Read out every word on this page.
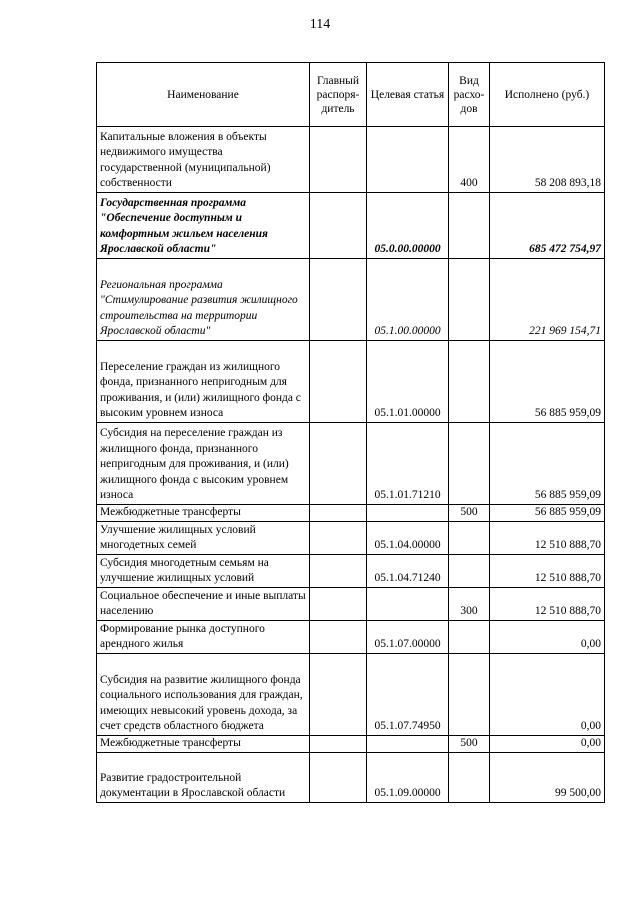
114
Наименование	Главный распоря- дитель	Целевая статья	Вид расхо- дов	Исполнено (руб.)
Капитальные вложения в объекты недвижимого имущества государственной (муниципальной) собственности			400	58 208 893,18
Государственная программа "Обеспечение доступным и комфортным жильем населения Ярославской области"		05.0.00.00000		685 472 754,97
Региональная программа "Стимулирование развития жилищного строительства на территории Ярославской области"		05.1.00.00000		221 969 154,71
Переселение граждан из жилищного фонда, признанного непригодным для проживания, и (или) жилищного фонда с высоким уровнем износа		05.1.01.00000		56 885 959,09
Субсидия на переселение граждан из жилищного фонда, признанного непригодным для проживания, и (или) жилищного фонда с высоким уровнем износа		05.1.01.71210		56 885 959,09
Межбюджетные трансферты			500	56 885 959,09
Улучшение жилищных условий многодетных семей		05.1.04.00000		12 510 888,70
Субсидия многодетным семьям на улучшение жилищных условий		05.1.04.71240		12 510 888,70
Социальное обеспечение и иные выплаты населению			300	12 510 888,70
Формирование рынка доступного арендного жилья		05.1.07.00000		0,00
Субсидия на развитие жилищного фонда социального использования для граждан, имеющих невысокий уровень дохода, за счет средств областного бюджета		05.1.07.74950		0,00
Межбюджетные трансферты			500	0,00
Развитие градостроительной документации в Ярославской области		05.1.09.00000		99 500,00
